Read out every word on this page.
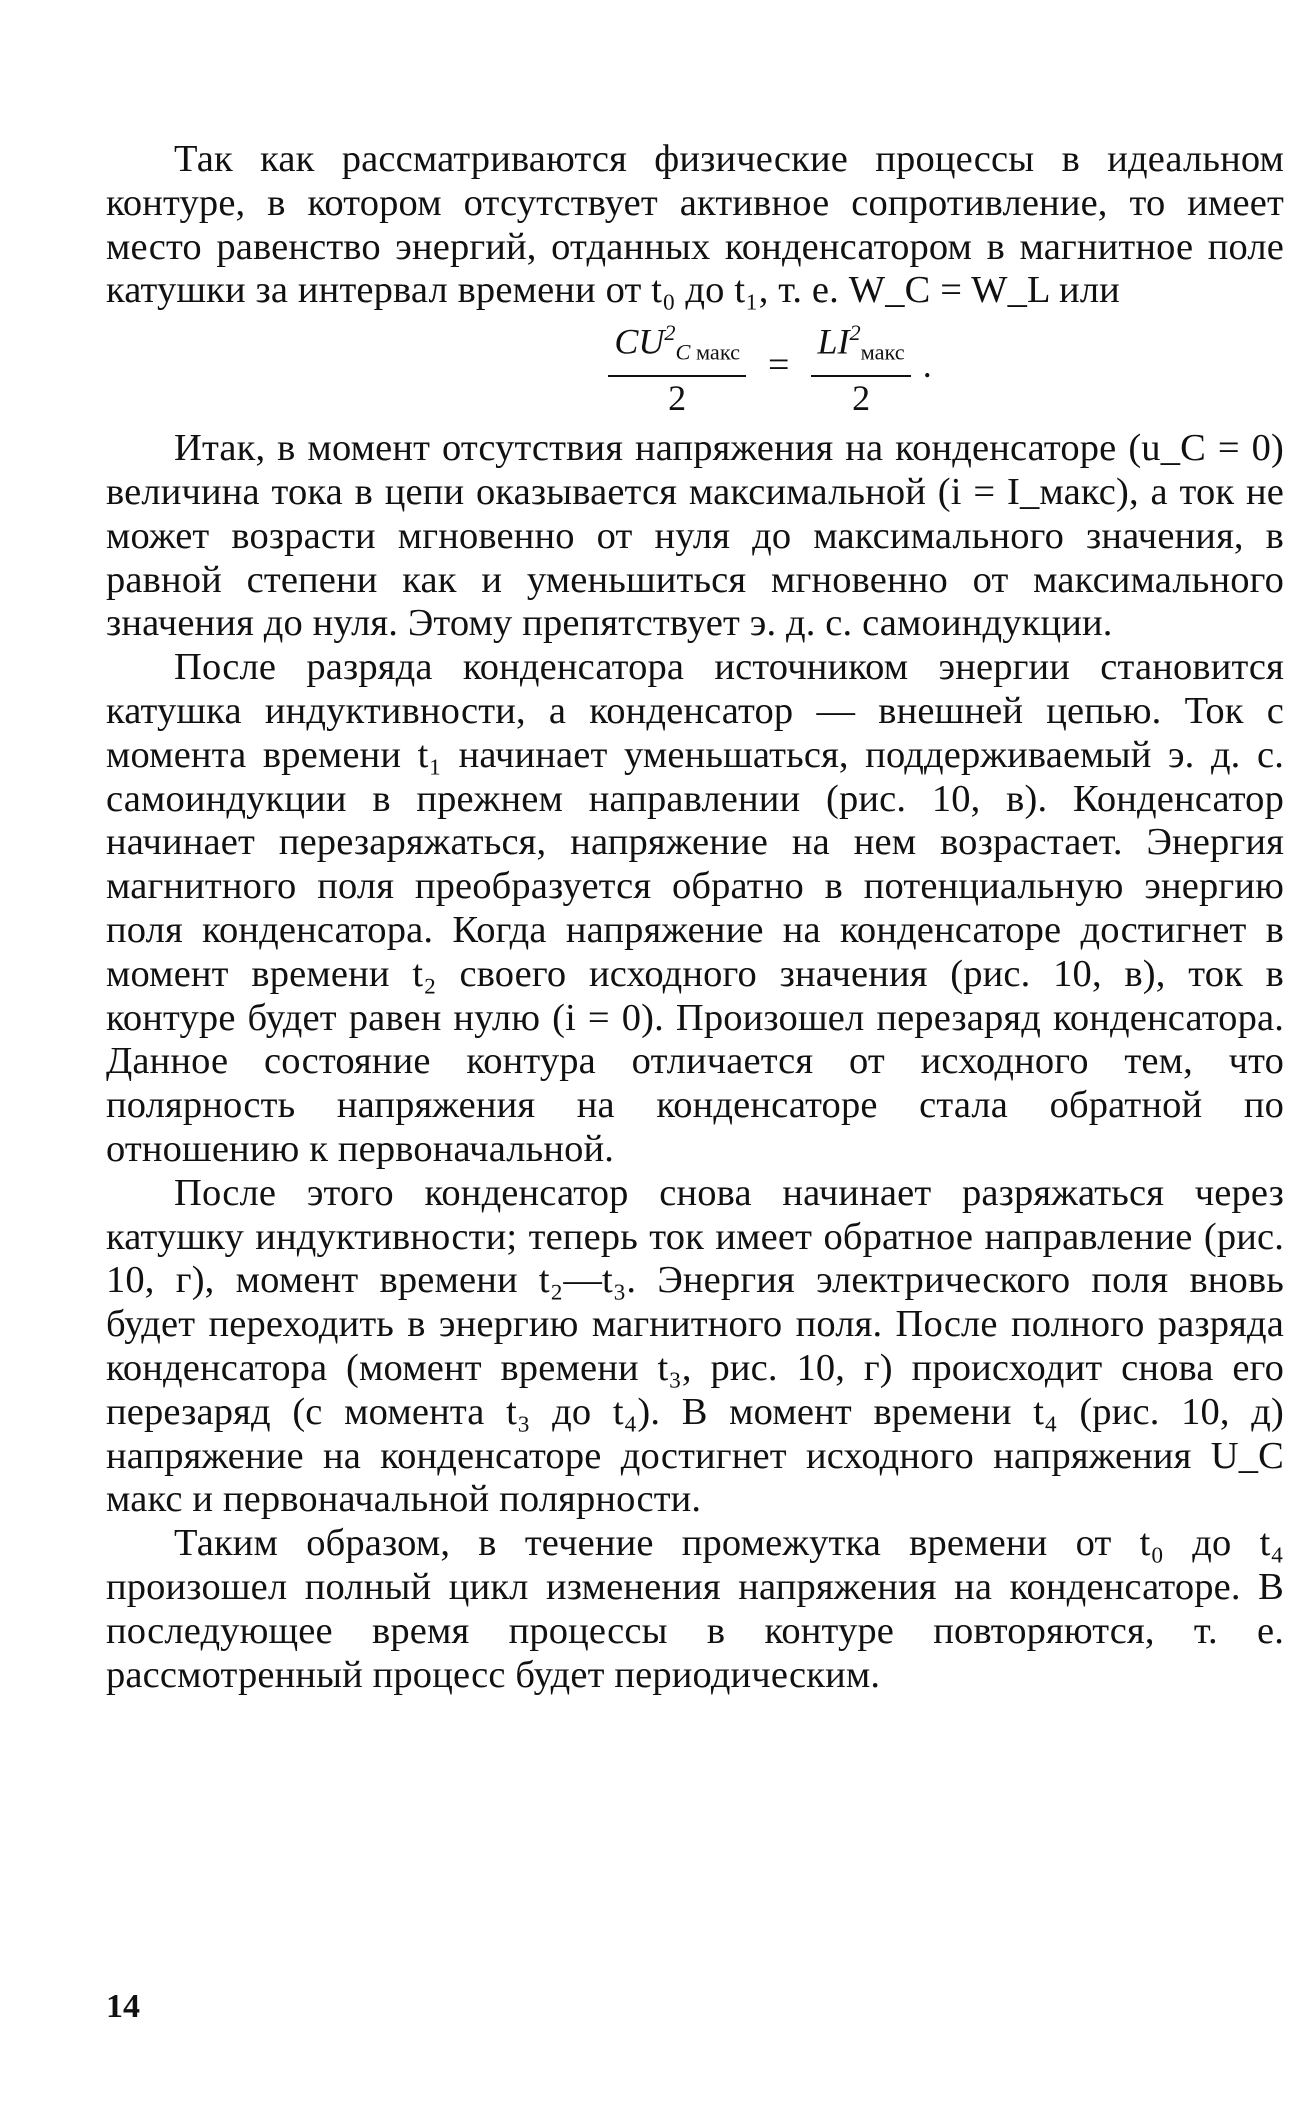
Так как рассматриваются физические процессы в идеальном контуре, в котором отсутствует активное сопротивление, то имеет место равенство энергий, отданных конденсатором в магнитное поле катушки за интервал времени от t₀ до t₁, т. е. W_C = W_L или

$\frac{CU^2C _{макс}}{2} = \frac{LI^2_{макс}}{2}$ .

Итак, в момент отсутствия напряжения на конденсаторе (u_C = 0) величина тока в цепи оказывается максимальной (i = I_макс), а ток не может возрасти мгновенно от нуля до максимального значения, в равной степени как и уменьшиться мгновенно от максимального значения до нуля. Этому препятствует э. д. с. самоиндукции.

После разряда конденсатора источником энергии становится катушка индуктивности, а конденсатор — внешней цепью. Ток с момента времени t₁ начинает уменьшаться, поддерживаемый э. д. с. самоиндукции в прежнем направлении (рис. 10, в). Конденсатор начинает перезаряжаться, напряжение на нем возрастает. Энергия магнитного поля преобразуется обратно в потенциальную энергию поля конденсатора. Когда напряжение на конденсаторе достигнет в момент времени t₂ своего исходного значения (рис. 10, в), ток в контуре будет равен нулю (i = 0). Произошел перезаряд конденсатора. Данное состояние контура отличается от исходного тем, что полярность напряжения на конденсаторе стала обратной по отношению к первоначальной.

После этого конденсатор снова начинает разряжаться через катушку индуктивности; теперь ток имеет обратное направление (рис. 10, г), момент времени t₂—t₃. Энергия электрического поля вновь будет переходить в энергию магнитного поля. После полного разряда конденсатора (момент времени t₃, рис. 10, г) происходит снова его перезаряд (с момента t₃ до t₄). В момент времени t₄ (рис. 10, д) напряжение на конденсаторе достигнет исходного напряжения U_C макс и первоначальной полярности.

Таким образом, в течение промежутка времени от t₀ до t₄ произошел полный цикл изменения напряжения на конденсаторе. В последующее время процессы в контуре повторяются, т. е. рассмотренный процесс будет периодическим.

14
